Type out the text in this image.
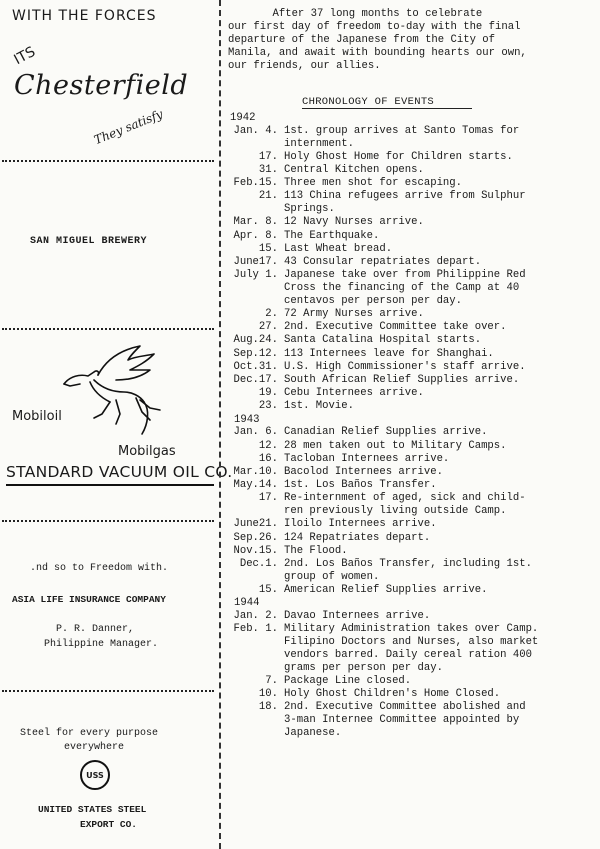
WITH THE FORCES
ITS
Chesterfield
They satisfy
SAN MIGUEL BREWERY
Mobiloil
Mobilgas
STANDARD VACUUM OIL CO.
.nd so to Freedom with.
ASIA LIFE INSURANCE COMPANY
P. R. Danner,
Philippine Manager.
Steel for every purpose
everywhere
USS
UNITED STATES STEEL
EXPORT CO.
After 37 long months to celebrate
our first day of freedom to-day with the final
departure of the Japanese from the City of
Manila, and await with bounding hearts our own,
our friends, our allies.
CHRONOLOGY OF EVENTS
1942
Jan. 4. 1st. group arrives at Santo Tomas for
internment.
17. Holy Ghost Home for Children starts.
31. Central Kitchen opens.
Feb.15. Three men shot for escaping.
21. 113 China refugees arrive from Sulphur
Springs.
Mar. 8. 12 Navy Nurses arrive.
Apr. 8. The Earthquake.
15. Last Wheat bread.
June17. 43 Consular repatriates depart.
July 1. Japanese take over from Philippine Red
Cross the financing of the Camp at 40
centavos per person per day.
2. 72 Army Nurses arrive.
27. 2nd. Executive Committee take over.
Aug.24. Santa Catalina Hospital starts.
Sep.12. 113 Internees leave for Shanghai.
Oct.31. U.S. High Commissioner's staff arrive.
Dec.17. South African Relief Supplies arrive.
19. Cebu Internees arrive.
23. 1st. Movie.
1943
Jan. 6. Canadian Relief Supplies arrive.
12. 28 men taken out to Military Camps.
16. Tacloban Internees arrive.
Mar.10. Bacolod Internees arrive.
May.14. 1st. Los Baños Transfer.
17. Re-internment of aged, sick and child-
ren previously living outside Camp.
June21. Iloilo Internees arrive.
Sep.26. 124 Repatriates depart.
Nov.15. The Flood.
Dec.1. 2nd. Los Baños Transfer, including 1st.
group of women.
15. American Relief Supplies arrive.
1944
Jan. 2. Davao Internees arrive.
Feb. 1. Military Administration takes over Camp.
Filipino Doctors and Nurses, also market
vendors barred. Daily cereal ration 400
grams per person per day.
7. Package Line closed.
10. Holy Ghost Children's Home Closed.
18. 2nd. Executive Committee abolished and
3-man Internee Committee appointed by
Japanese.
